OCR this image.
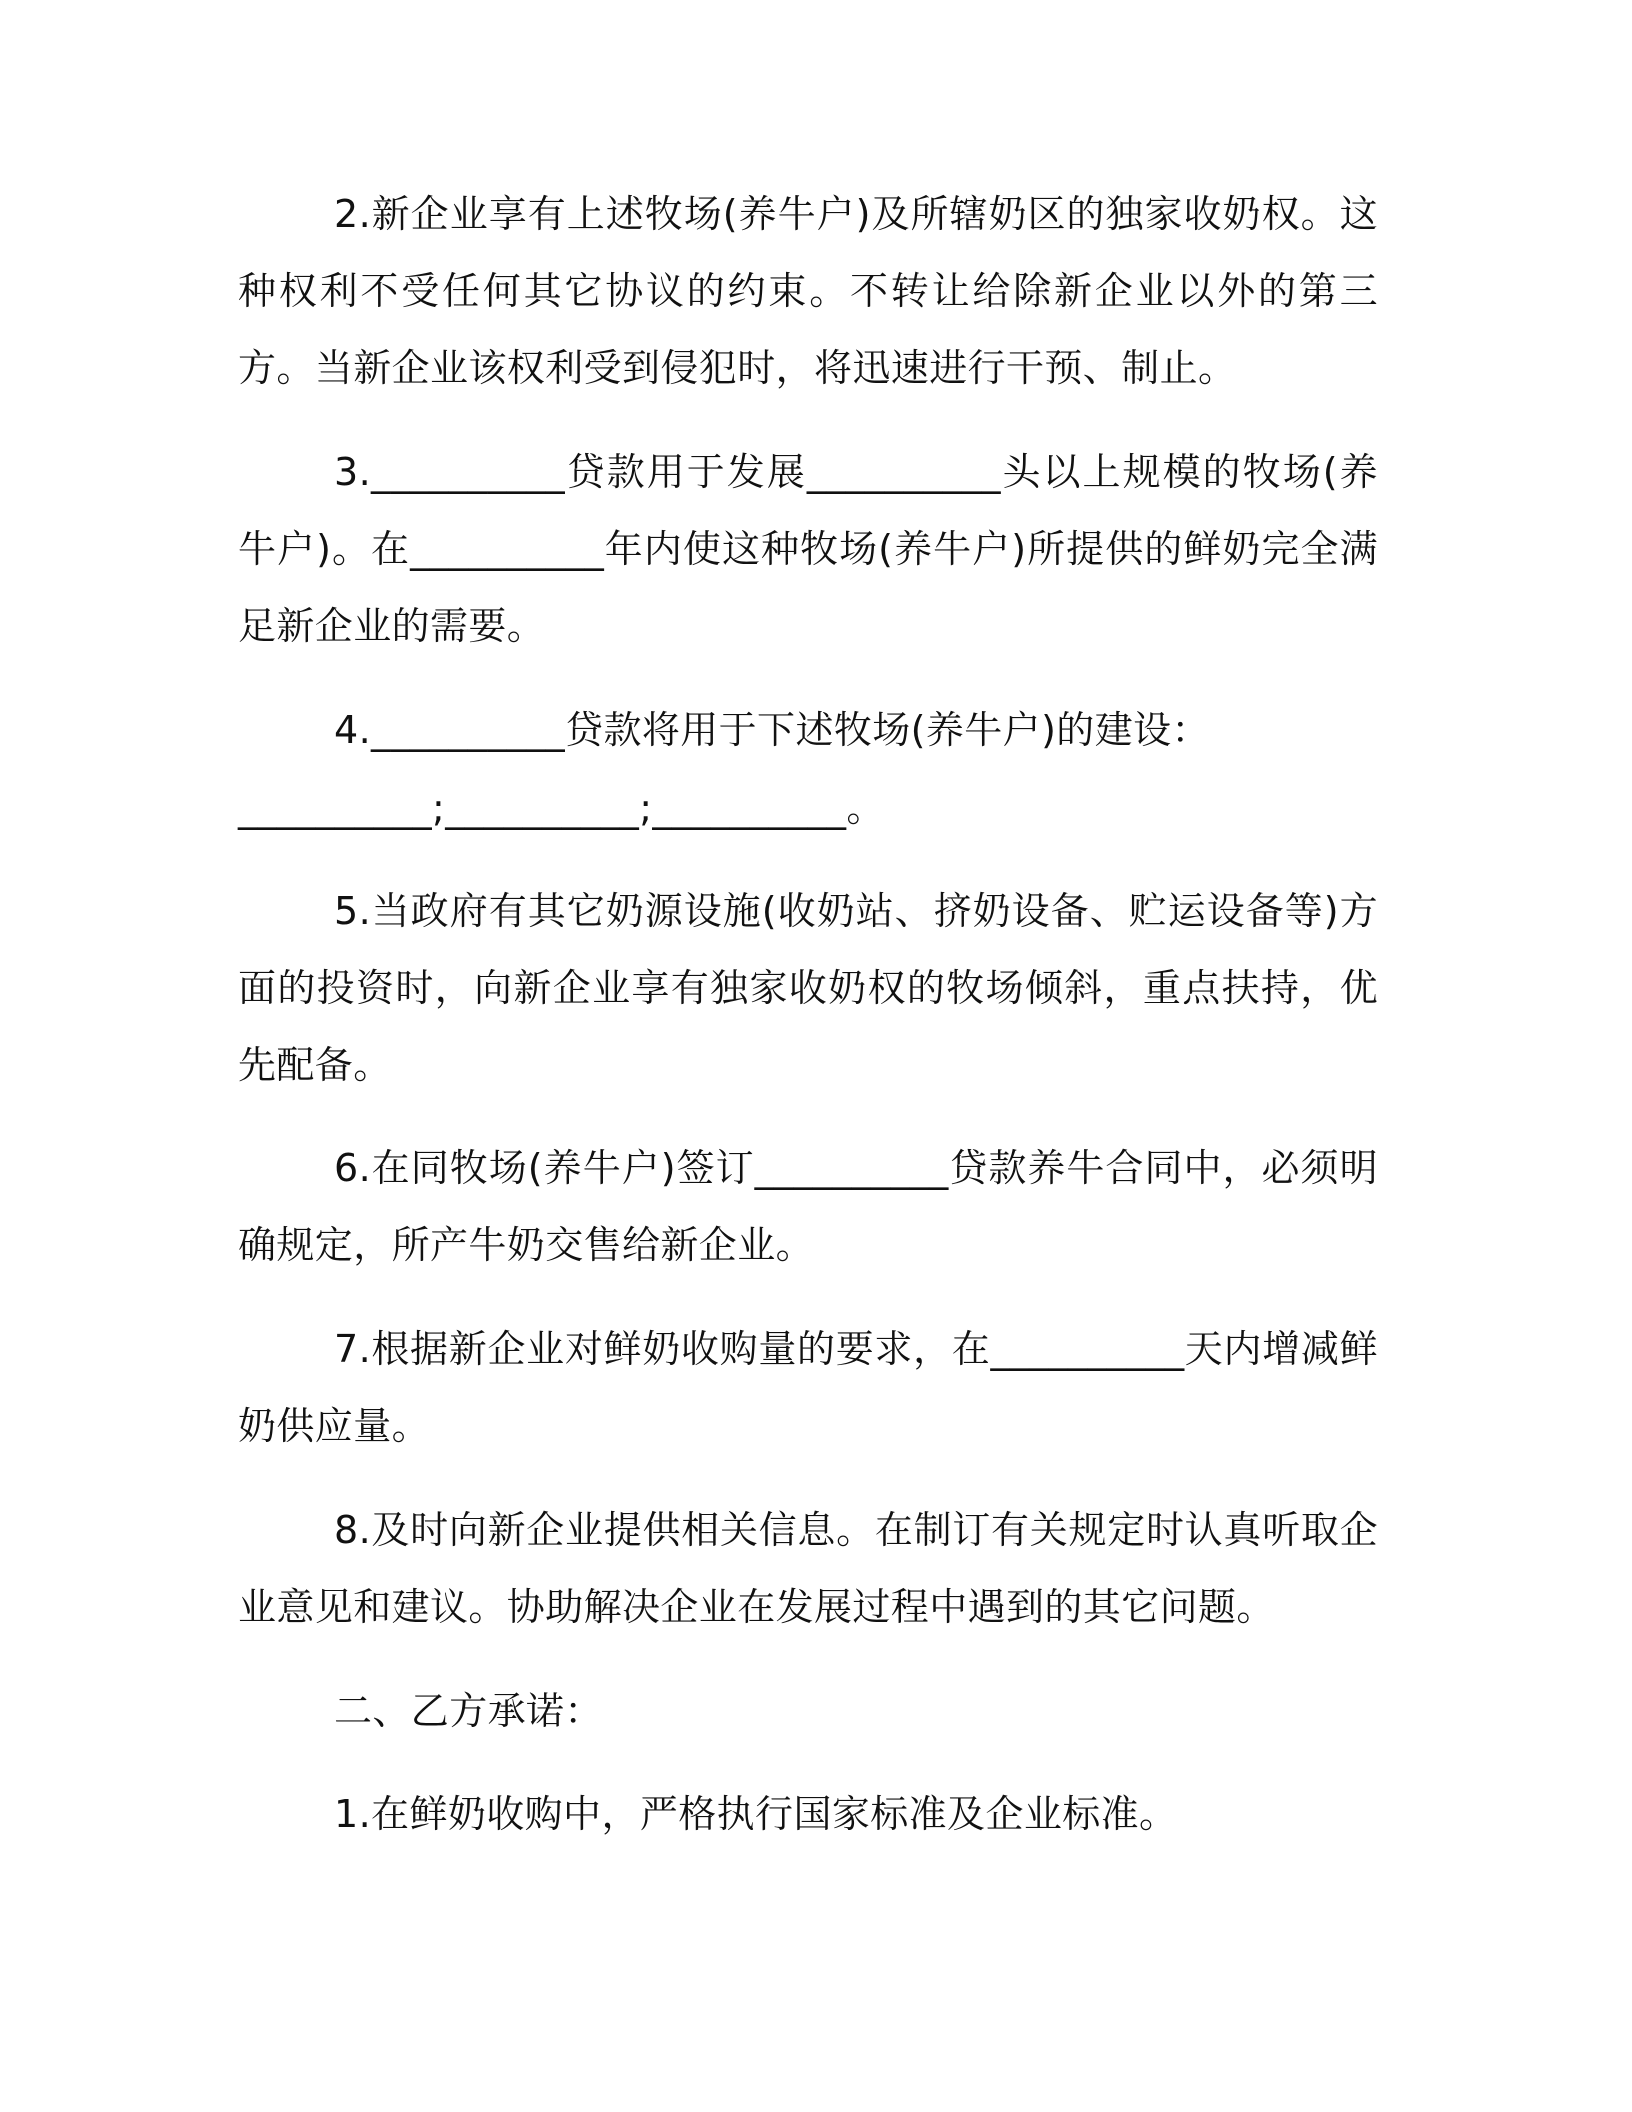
2.新企业享有上述牧场(养牛户)及所辖奶区的独家收奶权。这种权利不受任何其它协议的约束。不转让给除新企业以外的第三方。当新企业该权利受到侵犯时，将迅速进行干预、制止。

3.__________贷款用于发展__________头以上规模的牧场(养牛户)。在__________年内使这种牧场(养牛户)所提供的鲜奶完全满足新企业的需要。

4.__________贷款将用于下述牧场(养牛户)的建设：

__________;__________;__________。

5.当政府有其它奶源设施(收奶站、挤奶设备、贮运设备等)方面的投资时，向新企业享有独家收奶权的牧场倾斜，重点扶持，优先配备。

6.在同牧场(养牛户)签订__________贷款养牛合同中，必须明确规定，所产牛奶交售给新企业。

7.根据新企业对鲜奶收购量的要求，在__________天内增减鲜奶供应量。

8.及时向新企业提供相关信息。在制订有关规定时认真听取企业意见和建议。协助解决企业在发展过程中遇到的其它问题。

二、乙方承诺：

1.在鲜奶收购中，严格执行国家标准及企业标准。
